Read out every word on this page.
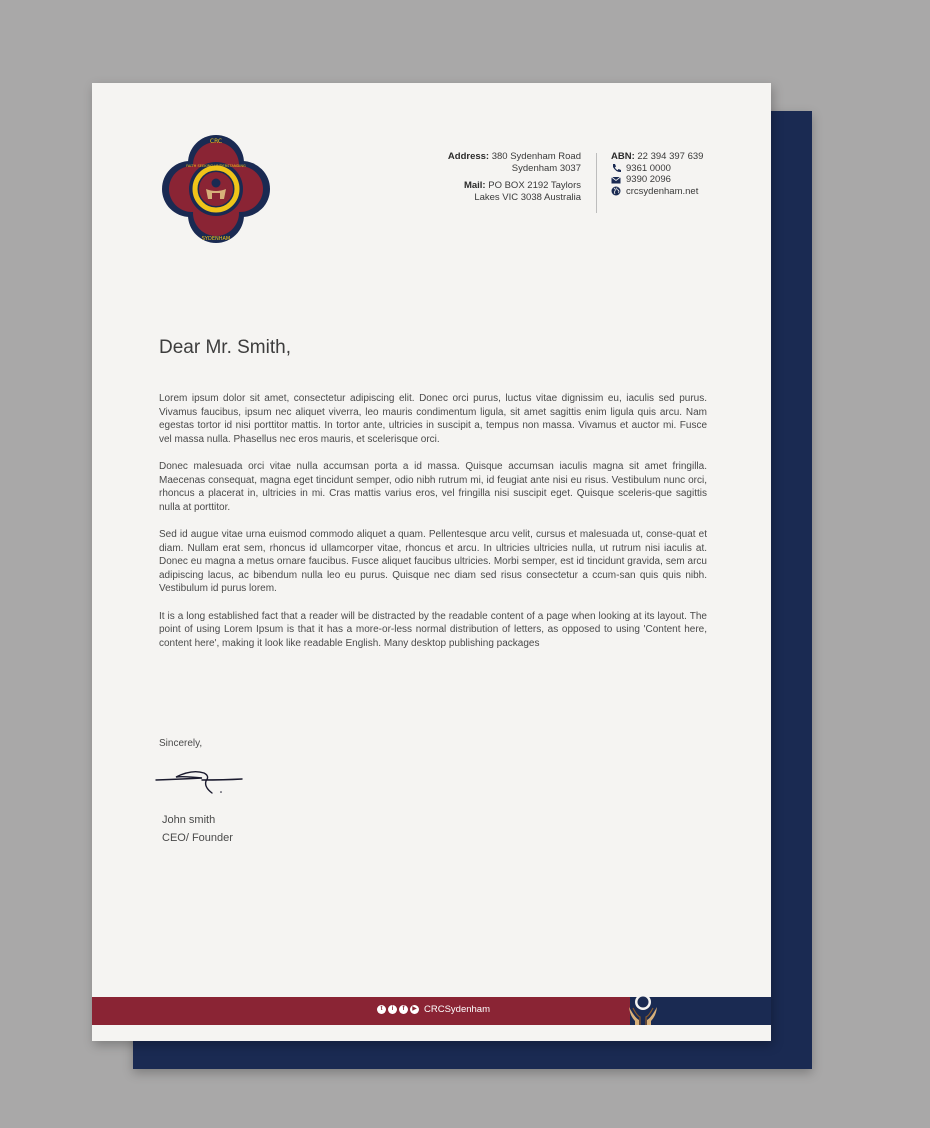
CRC
SYDENHAM
FAITH SEEKING UNDERSTANDING
Address: 380 Sydenham Road
Sydenham 3037
Mail: PO BOX 2192 Taylors
Lakes VIC 3038 Australia
ABN: 22 394 397 639
9361 0000
9390 2096
crcsydenham.net
Dear Mr. Smith,

Lorem ipsum dolor sit amet, consectetur adipiscing elit. Donec orci purus, luctus vitae dignissim eu, iaculis sed purus. Vivamus faucibus, ipsum nec aliquet viverra, leo mauris condimentum ligula, sit amet sagittis enim ligula quis arcu. Nam egestas tortor id nisi porttitor mattis. In tortor ante, ultricies in suscipit a, tempus non massa. Vivamus et auctor mi. Fusce vel massa nulla. Phasellus nec eros mauris, et scelerisque orci.

Donec malesuada orci vitae nulla accumsan porta a id massa. Quisque accumsan iaculis magna sit amet fringilla. Maecenas consequat, magna eget tincidunt semper, odio nibh rutrum mi, id feugiat ante nisi eu risus. Vestibulum nunc orci, rhoncus a placerat in, ultricies in mi. Cras mattis varius eros, vel fringilla nisi suscipit eget. Quisque sceleris-que sagittis nulla at porttitor.

Sed id augue vitae urna euismod commodo aliquet a quam. Pellentesque arcu velit, cursus et malesuada ut, conse-quat et diam. Nullam erat sem, rhoncus id ullamcorper vitae, rhoncus et arcu. In ultricies ultricies nulla, ut rutrum nisi iaculis at. Donec eu magna a metus ornare faucibus. Fusce aliquet faucibus ultricies. Morbi semper, est id tincidunt gravida, sem arcu adipiscing lacus, ac bibendum nulla leo eu purus. Quisque nec diam sed risus consectetur a ccum-san quis quis nibh. Vestibulum id purus lorem.

It is a long established fact that a reader will be distracted by the readable content of a page when looking at its layout. The point of using Lorem Ipsum is that it has a more-or-less normal distribution of letters, as opposed to using 'Content here, content here', making it look like readable English. Many desktop publishing packages

Sincerely,
John smith
CEO/ Founder
t	i	f	▶ CRCSydenham
